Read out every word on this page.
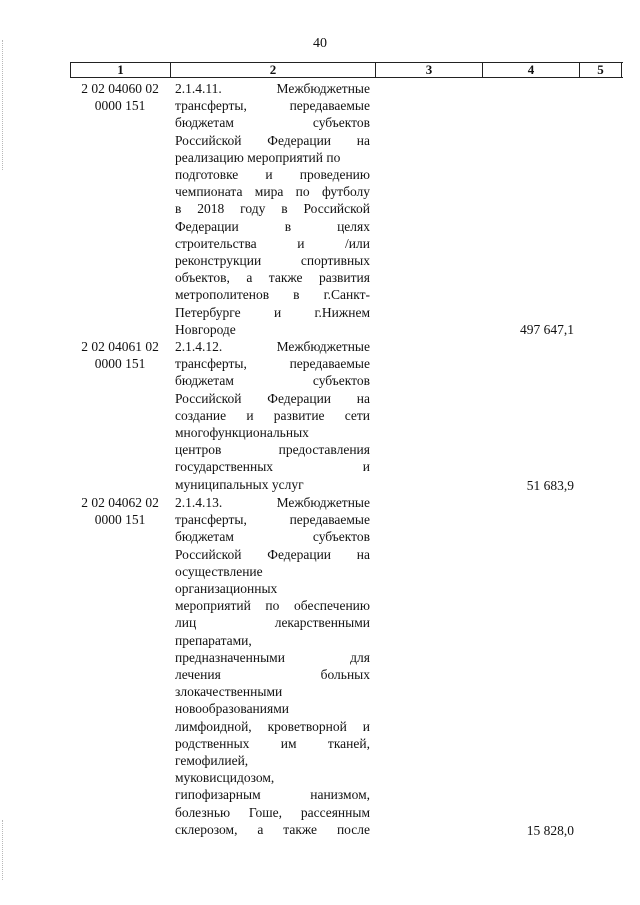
40
1	2	3	4	5
2 02 04060 02
0000 151
2.1.4.11. Межбюджетные
трансферты, передаваемые
бюджетам субъектов
Российской Федерации на
реализацию мероприятий по
подготовке и проведению
чемпионата мира по футболу
в 2018 году в Российской
Федерации в целях
строительства и /или
реконструкции спортивных
объектов, а также развития
метрополитенов в г.Санкт-
Петербурге и г.Нижнем
Новгороде	497 647,1
2 02 04061 02
0000 151
2.1.4.12. Межбюджетные
трансферты, передаваемые
бюджетам субъектов
Российской Федерации на
создание и развитие сети
многофункциональных
центров предоставления
государственных и
муниципальных услуг	51 683,9
2 02 04062 02
0000 151
2.1.4.13. Межбюджетные
трансферты, передаваемые
бюджетам субъектов
Российской Федерации на
осуществление
организационных
мероприятий по обеспечению
лиц лекарственными
препаратами,
предназначенными для
лечения больных
злокачественными
новообразованиями
лимфоидной, кроветворной и
родственных им тканей,
гемофилией,
муковисцидозом,
гипофизарным нанизмом,
болезнью Гоше, рассеянным
склерозом, а также после	15 828,0
